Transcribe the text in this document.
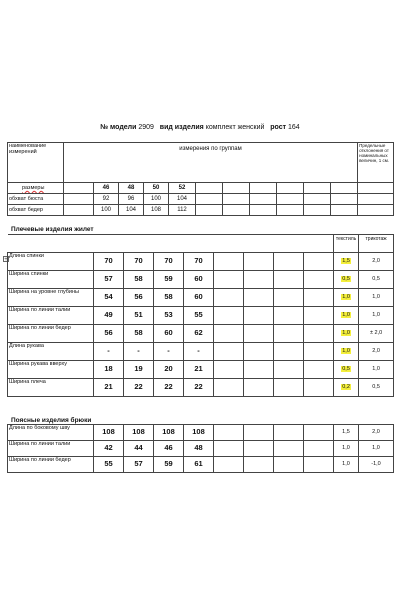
№ модели 2909 вид изделия комплект женский рост 164
наименование измерений	измерения по группам											Предельные отклонения от номинальных величин, 1 см.
размеры		46	48	50	52							
обхват бюста		92	96	100	104							
обхват бедер		100	104	108	112							
+
Плечевые изделия жилет
									текстиль	трикотаж
Длина спинки	70	70	70	70					1,5	2,0
Ширина спинки	57	58	59	60					0,5	0,5
Ширина на уровне глубины	54	56	58	60					1,0	1,0
Ширина по линии талии	49	51	53	55					1,0	1,0
Ширина по линии бедер	56	58	60	62					1,0	± 2,0
Длина рукава	-	-	-	-					1,0	2,0
Ширина рукава вверху	18	19	20	21					0,5	1,0
Ширина плеча	21	22	22	22					0,2	0,5
Поясные изделия брюки
Длина по боковому шву	108	108	108	108					1,5	2,0
Ширина по линии талии	42	44	46	48					1,0	1,0
Ширина по линии бедер	55	57	59	61					1,0	-1,0
